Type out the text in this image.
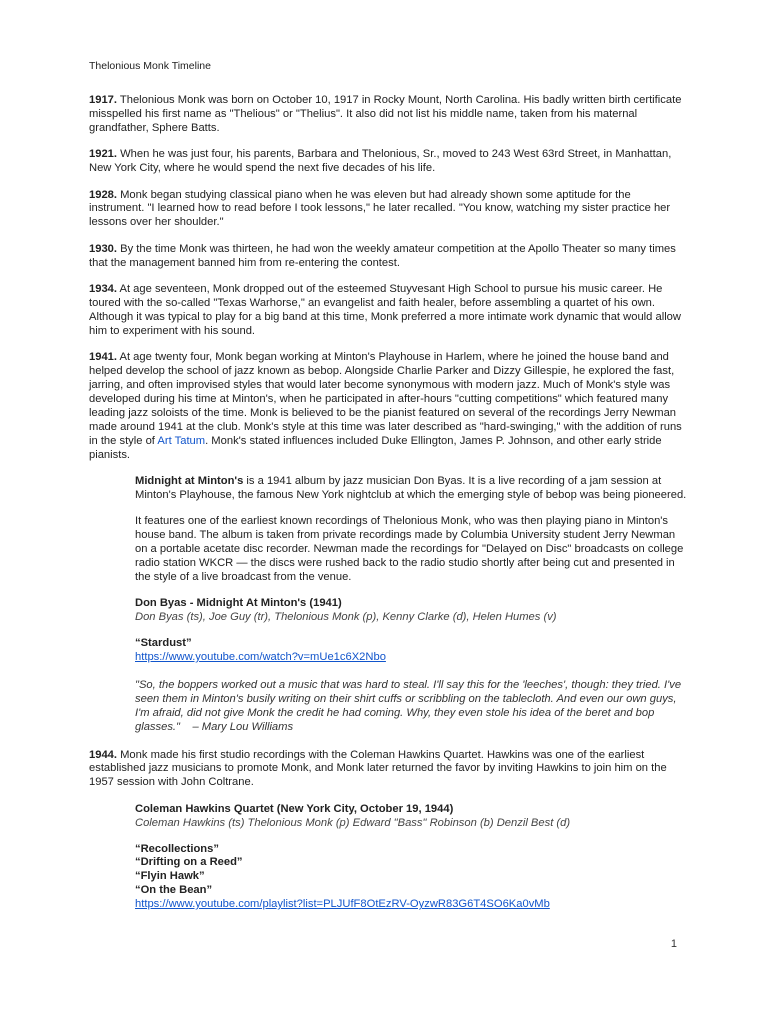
Thelonious Monk Timeline

1917. Thelonious Monk was born on October 10, 1917 in Rocky Mount, North Carolina. His badly written birth certificate misspelled his first name as "Thelious" or "Thelius". It also did not list his middle name, taken from his maternal grandfather, Sphere Batts.

1921. When he was just four, his parents, Barbara and Thelonious, Sr., moved to 243 West 63rd Street, in Manhattan, New York City, where he would spend the next five decades of his life.

1928. Monk began studying classical piano when he was eleven but had already shown some aptitude for the instrument. "I learned how to read before I took lessons," he later recalled. "You know, watching my sister practice her lessons over her shoulder."

1930. By the time Monk was thirteen, he had won the weekly amateur competition at the Apollo Theater so many times that the management banned him from re-entering the contest.

1934. At age seventeen, Monk dropped out of the esteemed Stuyvesant High School to pursue his music career. He toured with the so-called "Texas Warhorse," an evangelist and faith healer, before assembling a quartet of his own. Although it was typical to play for a big band at this time, Monk preferred a more intimate work dynamic that would allow him to experiment with his sound.

1941. At age twenty four, Monk began working at Minton's Playhouse in Harlem, where he joined the house band and helped develop the school of jazz known as bebop. Alongside Charlie Parker and Dizzy Gillespie, he explored the fast, jarring, and often improvised styles that would later become synonymous with modern jazz. Much of Monk's style was developed during his time at Minton's, when he participated in after-hours "cutting competitions" which featured many leading jazz soloists of the time. Monk is believed to be the pianist featured on several of the recordings Jerry Newman made around 1941 at the club. Monk's style at this time was later described as "hard-swinging," with the addition of runs in the style of Art Tatum. Monk's stated influences included Duke Ellington, James P. Johnson, and other early stride pianists.

Midnight at Minton's is a 1941 album by jazz musician Don Byas. It is a live recording of a jam session at Minton's Playhouse, the famous New York nightclub at which the emerging style of bebop was being pioneered.

It features one of the earliest known recordings of Thelonious Monk, who was then playing piano in Minton's house band. The album is taken from private recordings made by Columbia University student Jerry Newman on a portable acetate disc recorder. Newman made the recordings for "Delayed on Disc" broadcasts on college radio station WKCR — the discs were rushed back to the radio studio shortly after being cut and presented in the style of a live broadcast from the venue.

Don Byas - Midnight At Minton's (1941)

Don Byas (ts), Joe Guy (tr), Thelonious Monk (p), Kenny Clarke (d), Helen Humes (v)

“Stardust”

https://www.youtube.com/watch?v=mUe1c6X2Nbo

"So, the boppers worked out a music that was hard to steal. I'll say this for the 'leeches', though: they tried. I've seen them in Minton's busily writing on their shirt cuffs or scribbling on the tablecloth. And even our own guys, I'm afraid, did not give Monk the credit he had coming. Why, they even stole his idea of the beret and bop glasses." – Mary Lou Williams

1944. Monk made his first studio recordings with the Coleman Hawkins Quartet. Hawkins was one of the earliest established jazz musicians to promote Monk, and Monk later returned the favor by inviting Hawkins to join him on the 1957 session with John Coltrane.

Coleman Hawkins Quartet (New York City, October 19, 1944)

Coleman Hawkins (ts) Thelonious Monk (p) Edward "Bass" Robinson (b) Denzil Best (d)

“Recollections”

“Drifting on a Reed”

“Flyin Hawk”

“On the Bean”

https://www.youtube.com/playlist?list=PLJUfF8OtEzRV-OyzwR83G6T4SO6Ka0vMb

1
